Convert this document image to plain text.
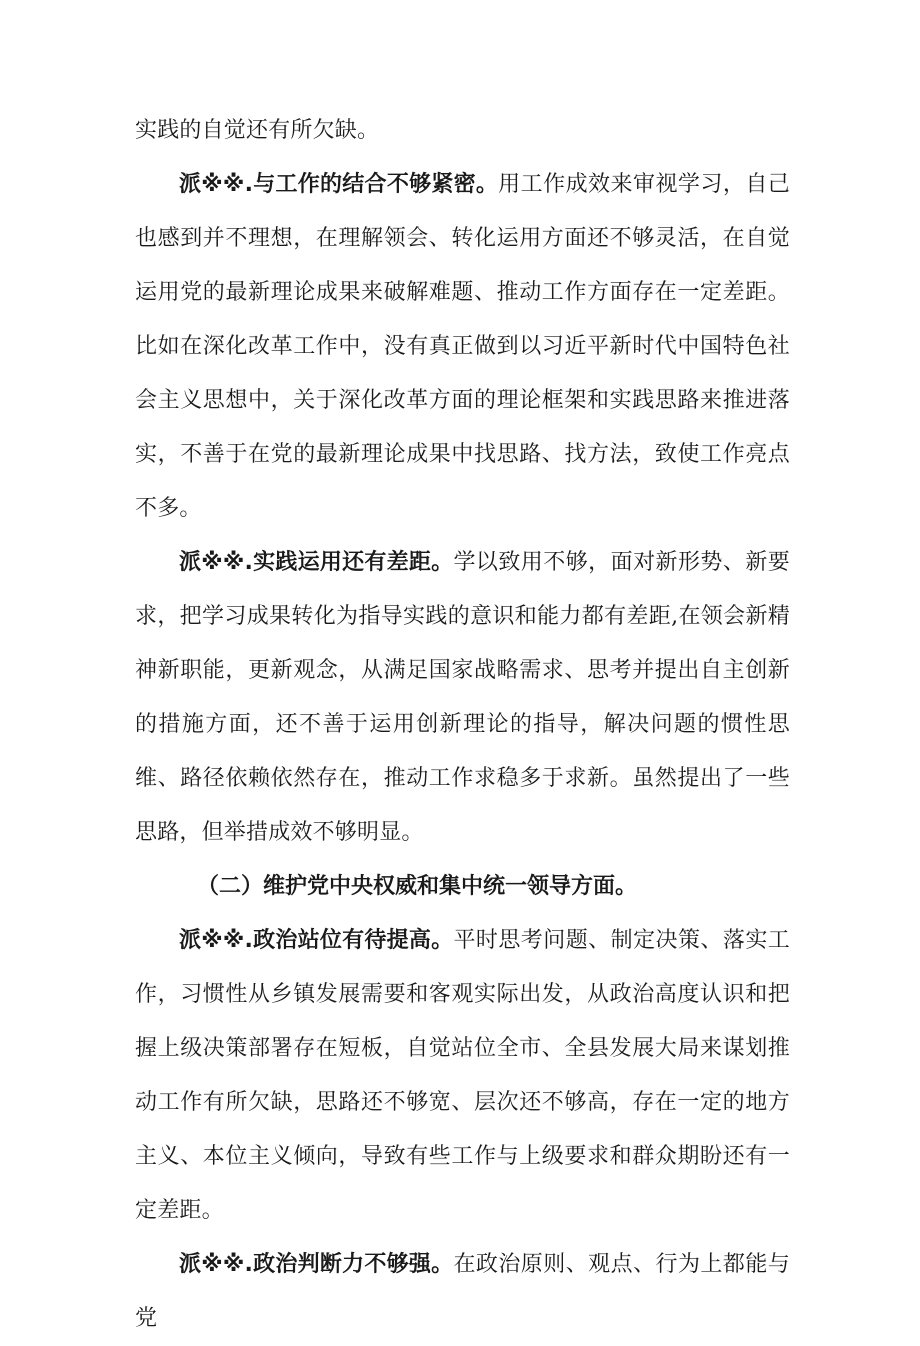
实践的自觉还有所欠缺。

派※※.与工作的结合不够紧密。用工作成效来审视学习，自己也感到并不理想，在理解领会、转化运用方面还不够灵活，在自觉运用党的最新理论成果来破解难题、推动工作方面存在一定差距。比如在深化改革工作中，没有真正做到以习近平新时代中国特色社会主义思想中，关于深化改革方面的理论框架和实践思路来推进落实，不善于在党的最新理论成果中找思路、找方法，致使工作亮点不多。

派※※.实践运用还有差距。学以致用不够，面对新形势、新要求，把学习成果转化为指导实践的意识和能力都有差距,在领会新精神新职能，更新观念，从满足国家战略需求、思考并提出自主创新的措施方面，还不善于运用创新理论的指导，解决问题的惯性思维、路径依赖依然存在，推动工作求稳多于求新。虽然提出了一些思路，但举措成效不够明显。

（二）维护党中央权威和集中统一领导方面。

派※※.政治站位有待提高。平时思考问题、制定决策、落实工作，习惯性从乡镇发展需要和客观实际出发，从政治高度认识和把握上级决策部署存在短板，自觉站位全市、全县发展大局来谋划推动工作有所欠缺，思路还不够宽、层次还不够高，存在一定的地方主义、本位主义倾向，导致有些工作与上级要求和群众期盼还有一定差距。

派※※.政治判断力不够强。在政治原则、观点、行为上都能与党
